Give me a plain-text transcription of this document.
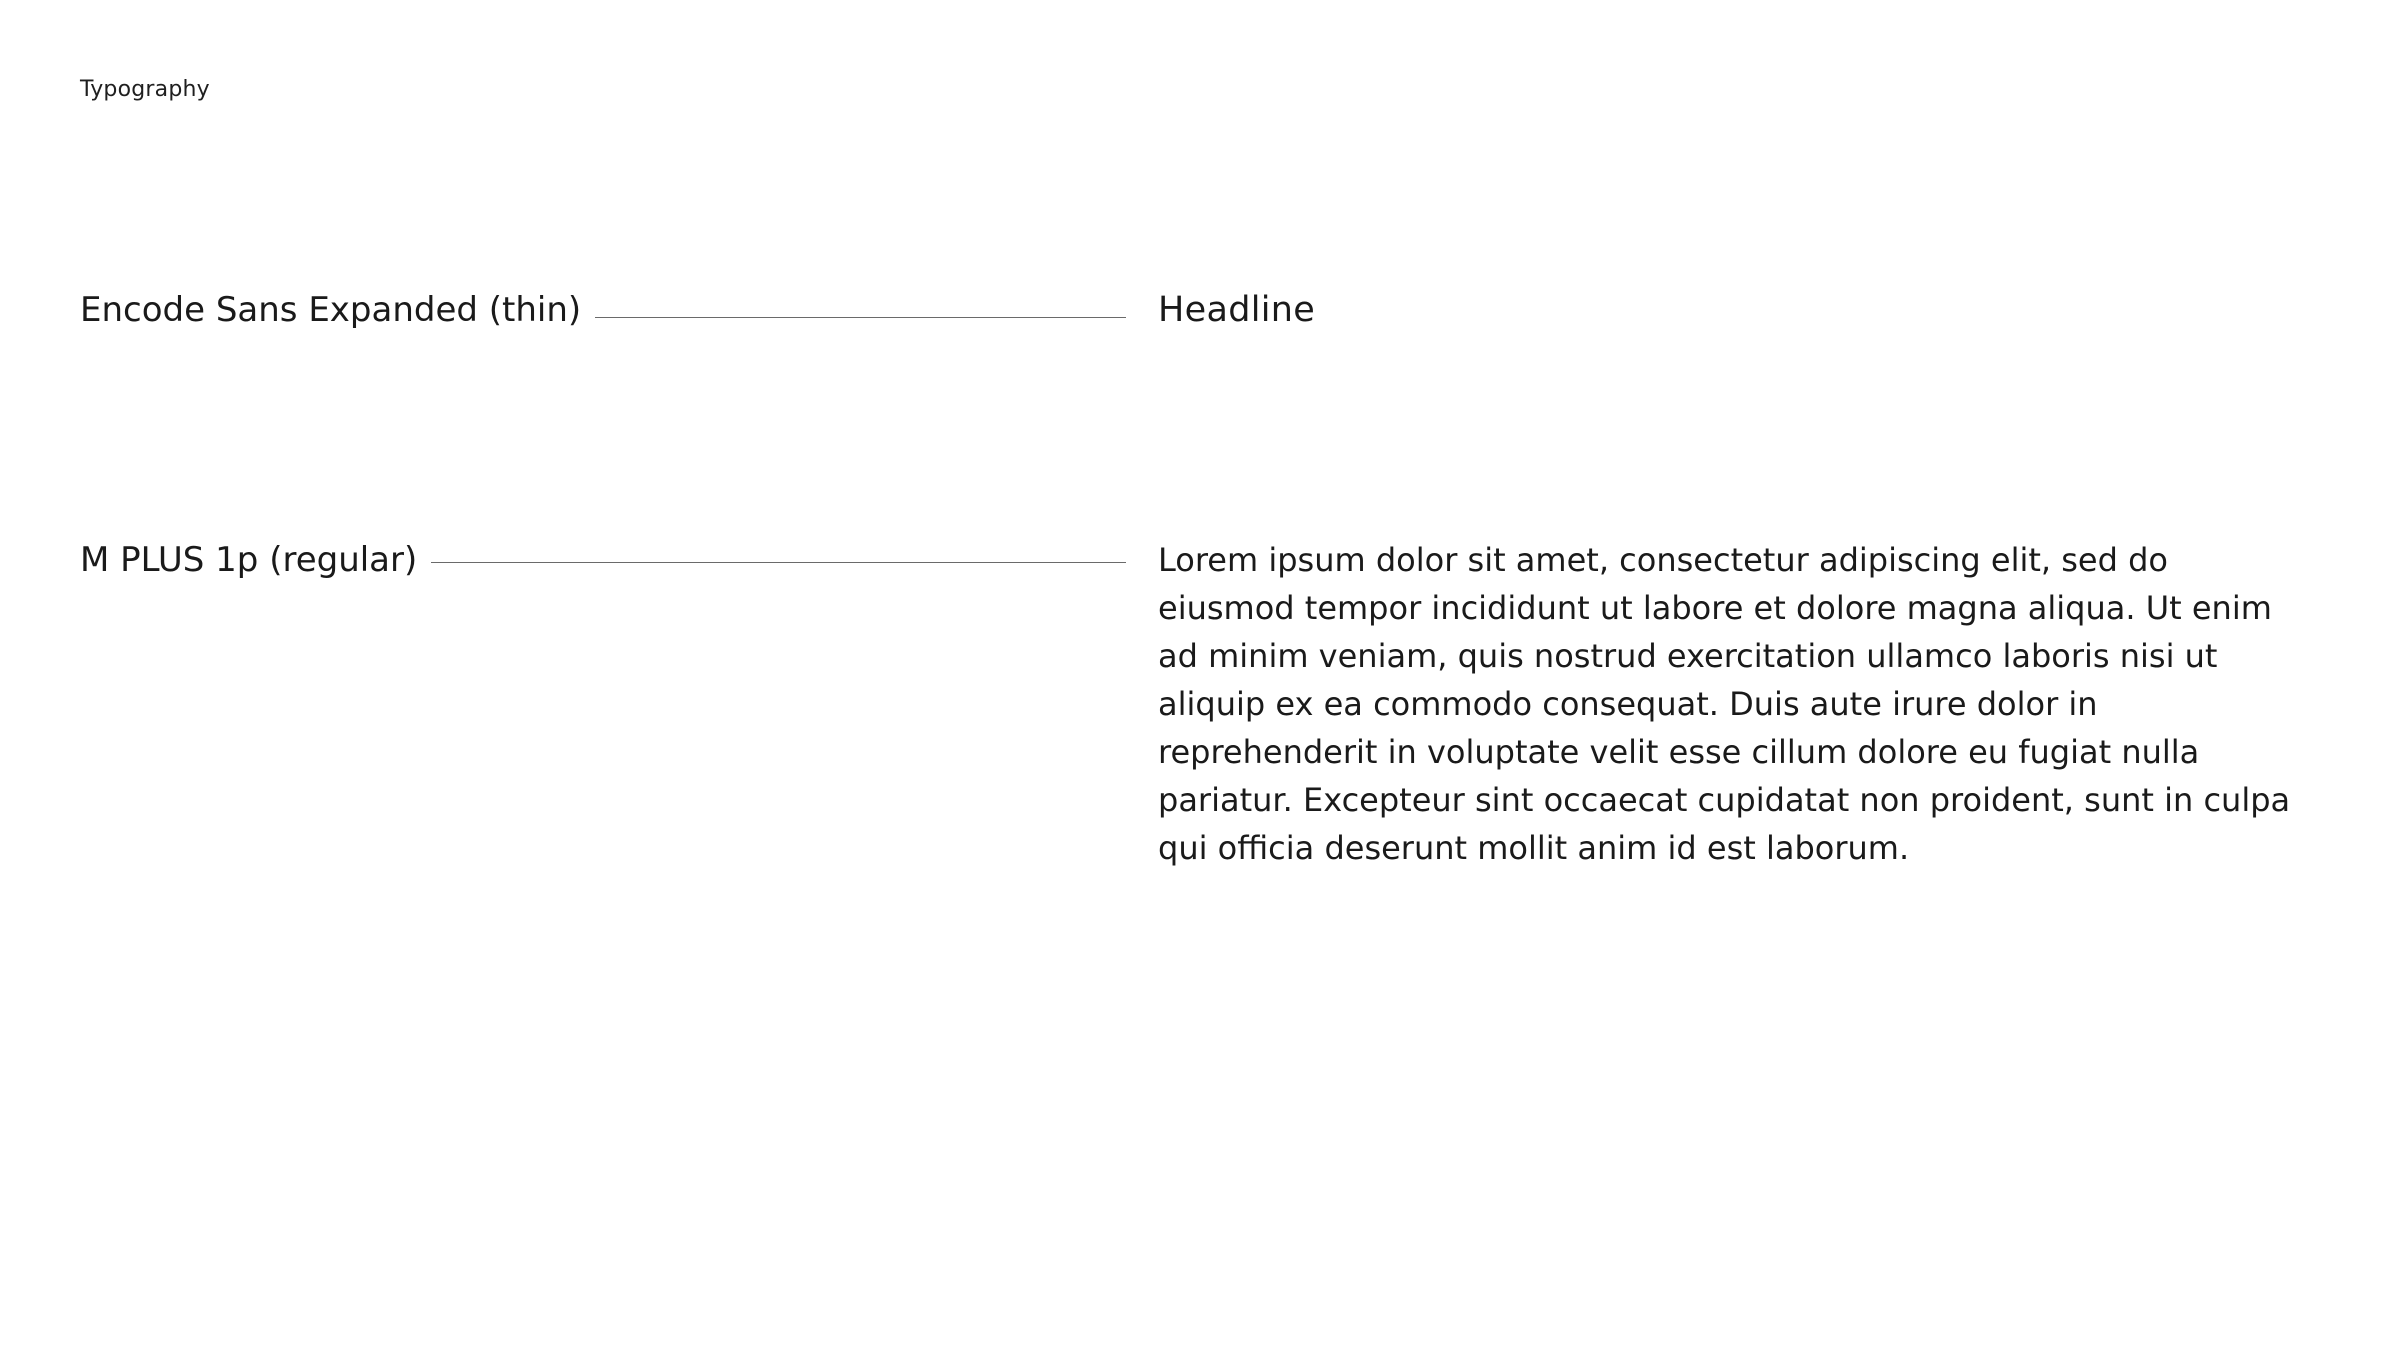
Typography
Encode Sans Expanded (thin)	Headline
M PLUS 1p (regular)	Lorem ipsum dolor sit amet, consectetur adipiscing elit, sed do eiusmod tempor incididunt ut labore et dolore magna aliqua. Ut enim ad minim veniam, quis nostrud exercitation ullamco laboris nisi ut aliquip ex ea commodo consequat. Duis aute irure dolor in reprehenderit in voluptate velit esse cillum dolore eu fugiat nulla pariatur. Excepteur sint occaecat cupidatat non proident, sunt in culpa qui officia deserunt mollit anim id est laborum.
